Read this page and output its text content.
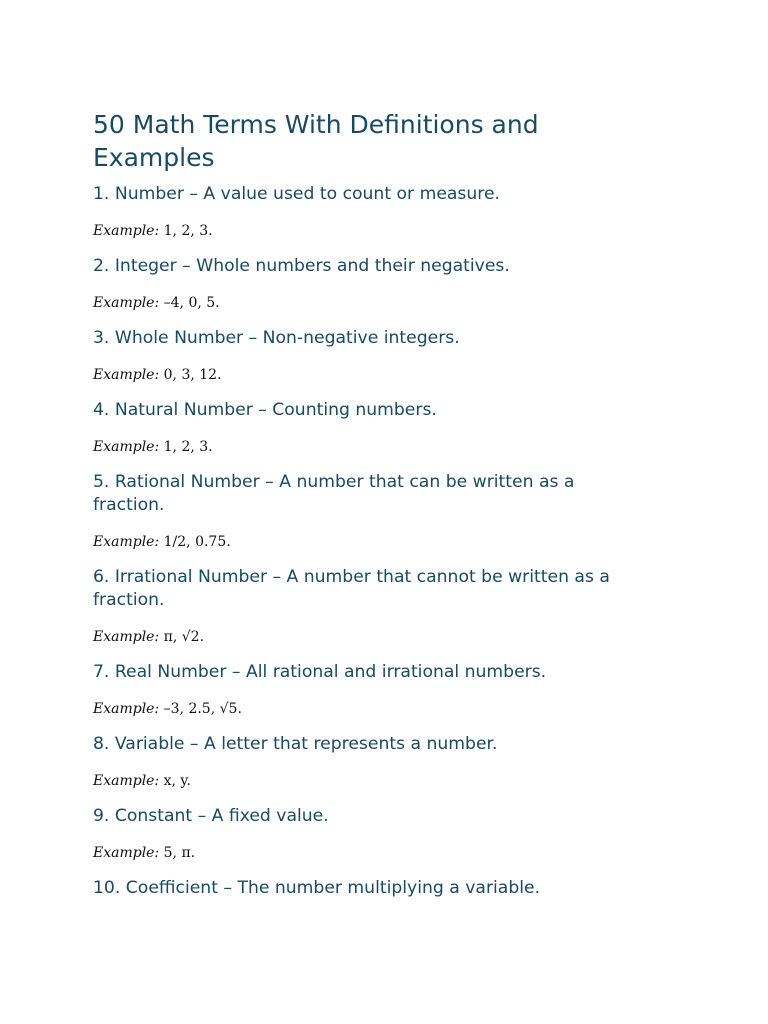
50 Math Terms With Definitions and Examples
1. Number – A value used to count or measure.

Example: 1, 2, 3.

2. Integer – Whole numbers and their negatives.

Example: –4, 0, 5.

3. Whole Number – Non-negative integers.

Example: 0, 3, 12.

4. Natural Number – Counting numbers.

Example: 1, 2, 3.

5. Rational Number – A number that can be written as a fraction.

Example: 1/2, 0.75.

6. Irrational Number – A number that cannot be written as a fraction.

Example: π, √2.

7. Real Number – All rational and irrational numbers.

Example: –3, 2.5, √5.

8. Variable – A letter that represents a number.

Example: x, y.

9. Constant – A fixed value.

Example: 5, π.

10. Coefficient – The number multiplying a variable.
